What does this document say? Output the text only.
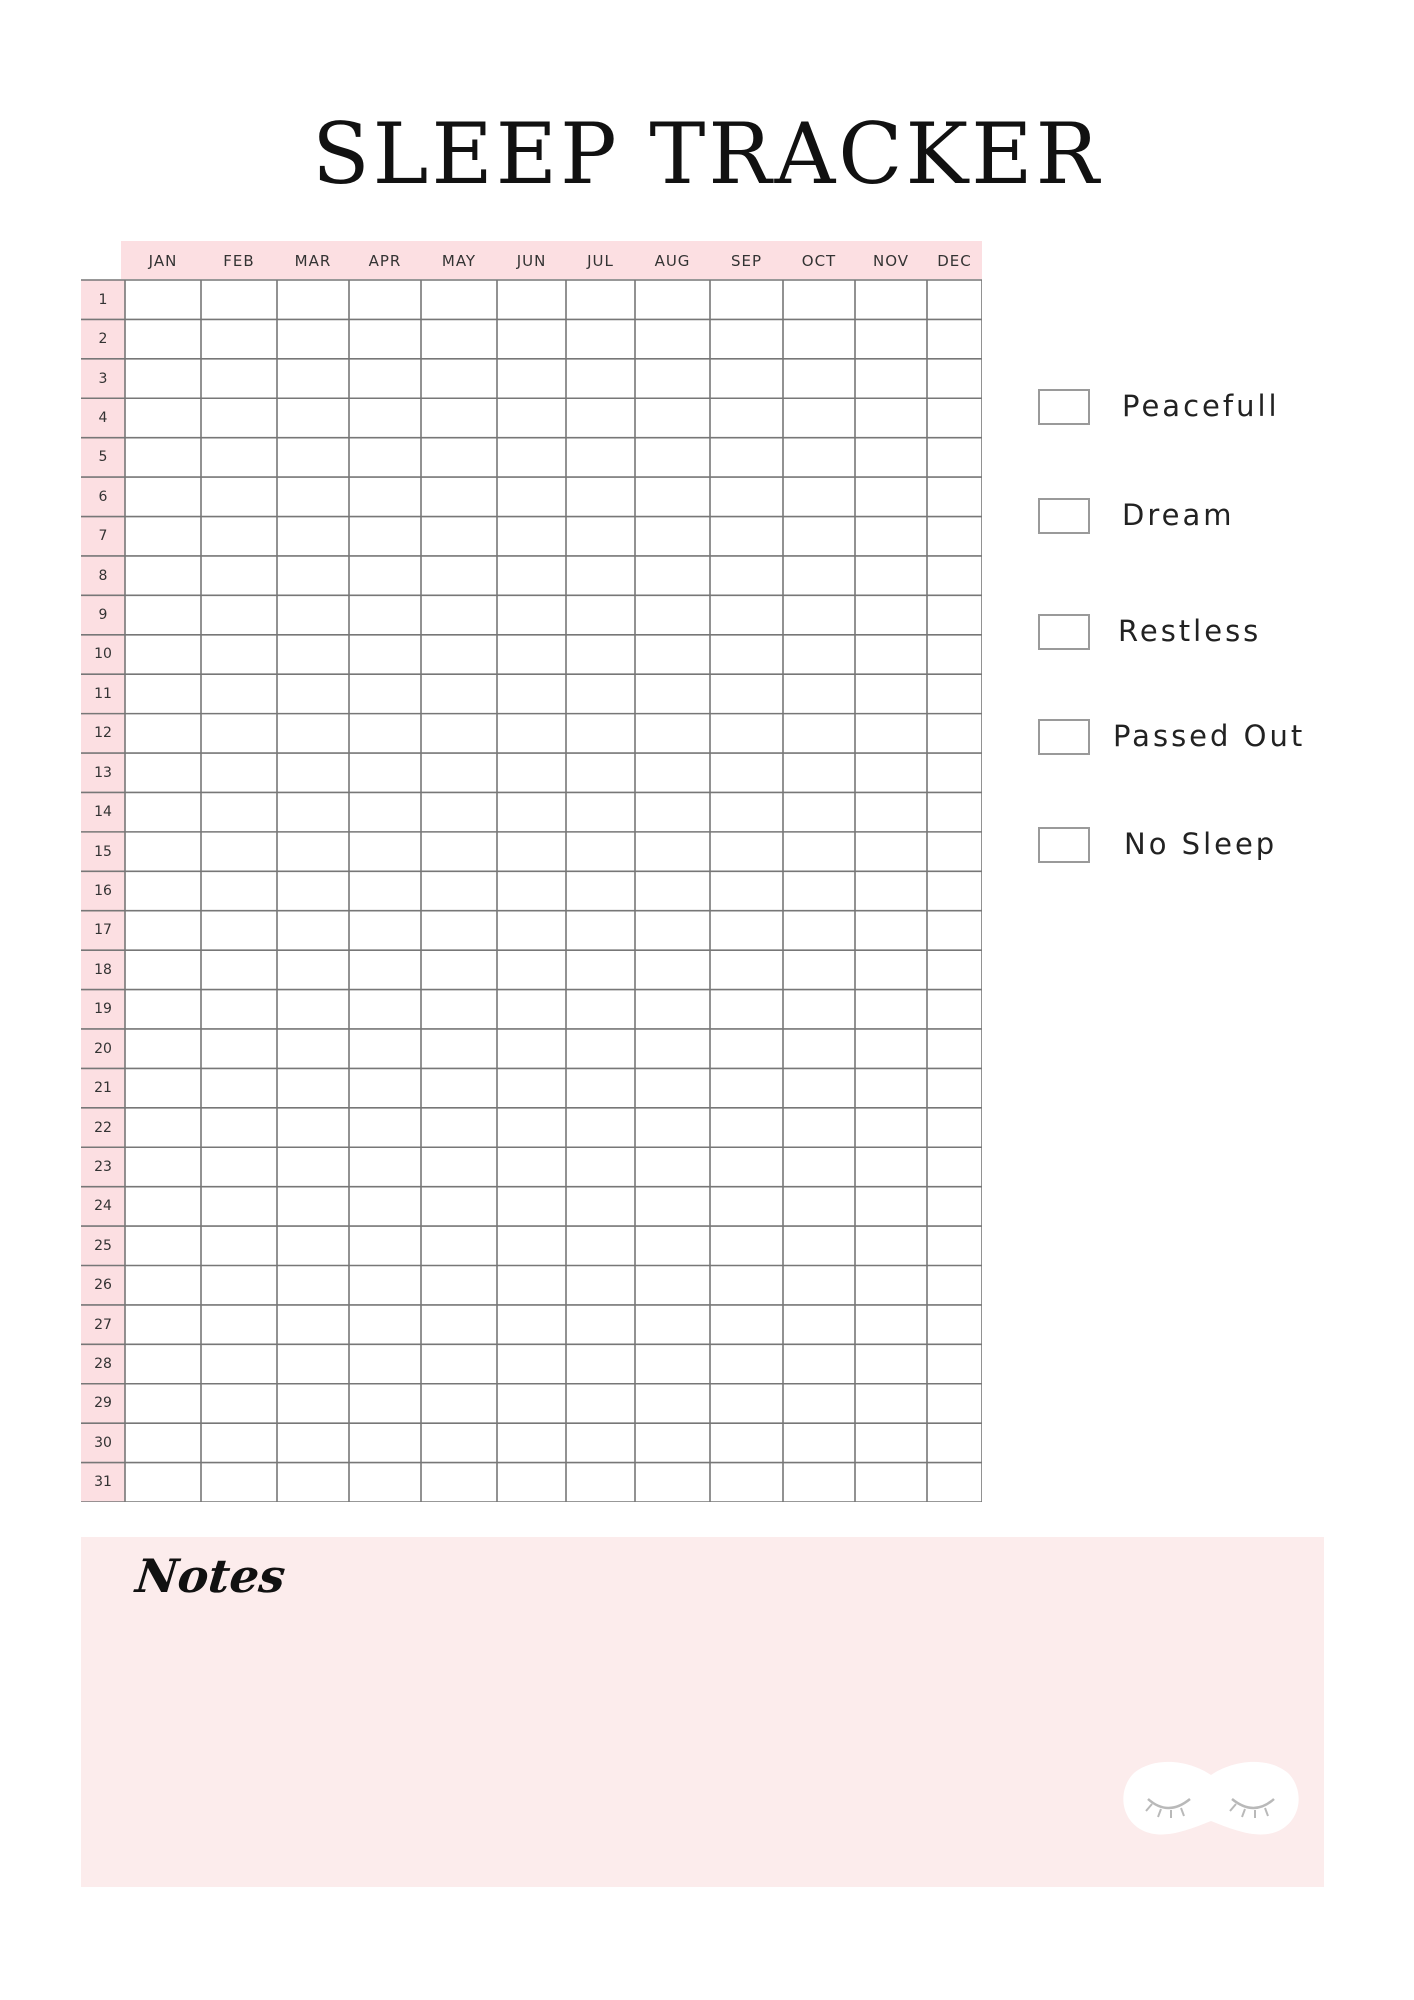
SLEEP TRACKER
JAN	FEB	MAR	APR	MAY	JUN	JUL	AUG	SEP	OCT	NOV	DEC
1
2
3
4
5
6
7
8
9
10
11
12
13
14
15
16
17
18
19
20
21
22
23
24
25
26
27
28
29
30
31
Peacefull
Dream
Restless
Passed Out
No Sleep
Notes
